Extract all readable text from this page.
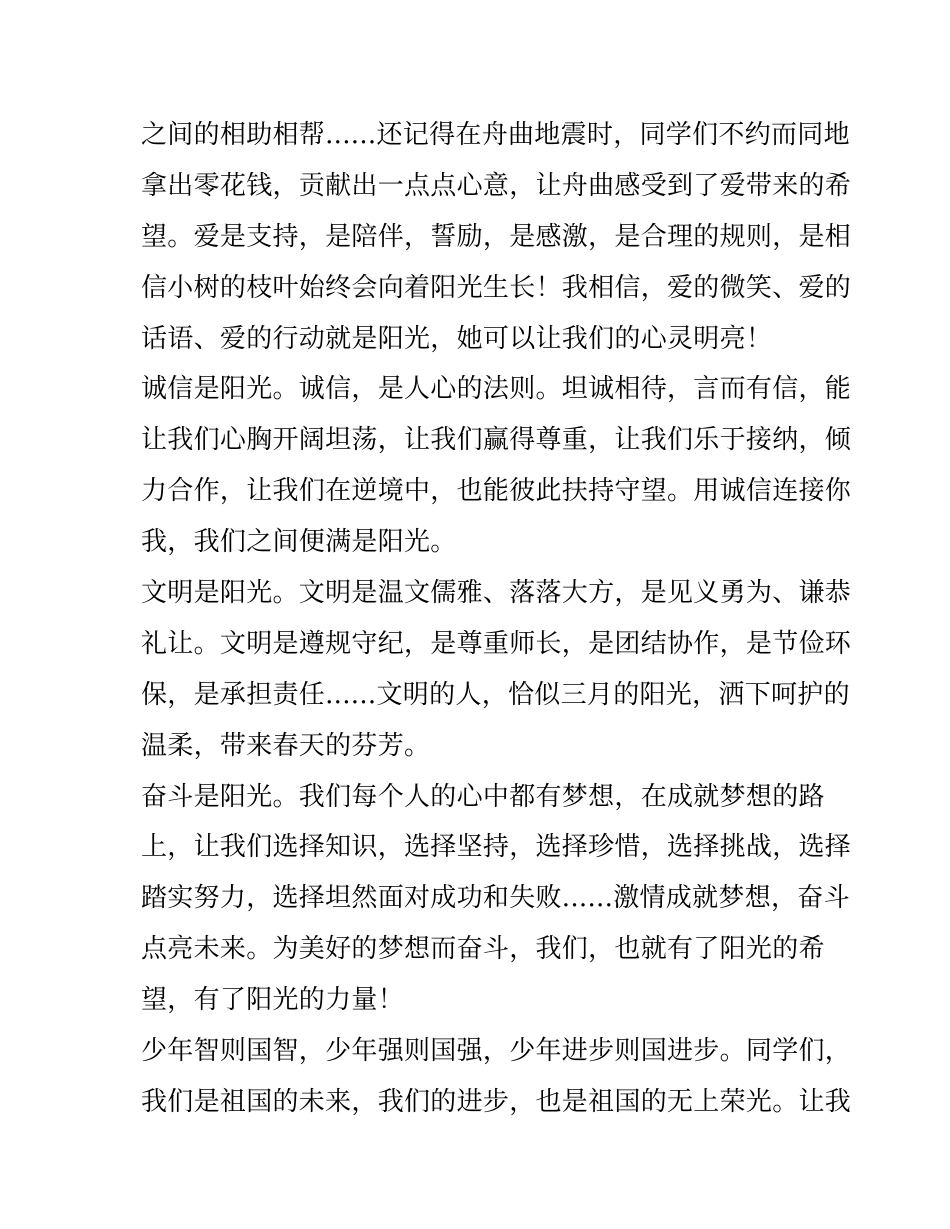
之间的相助相帮......还记得在舟曲地震时，同学们不约而同地
拿出零花钱，贡献出一点点心意，让舟曲感受到了爱带来的希
望。爱是支持，是陪伴，誓励，是感激，是合理的规则，是相
信小树的枝叶始终会向着阳光生长！我相信，爱的微笑、爱的
话语、爱的行动就是阳光，她可以让我们的心灵明亮！
诚信是阳光。诚信，是人心的法则。坦诚相待，言而有信，能
让我们心胸开阔坦荡，让我们赢得尊重，让我们乐于接纳，倾
力合作，让我们在逆境中，也能彼此扶持守望。用诚信连接你
我，我们之间便满是阳光。
文明是阳光。文明是温文儒雅、落落大方，是见义勇为、谦恭
礼让。文明是遵规守纪，是尊重师长，是团结协作，是节俭环
保，是承担责任......文明的人，恰似三月的阳光，洒下呵护的
温柔，带来春天的芬芳。
奋斗是阳光。我们每个人的心中都有梦想，在成就梦想的路
上，让我们选择知识，选择坚持，选择珍惜，选择挑战，选择
踏实努力，选择坦然面对成功和失败......激情成就梦想，奋斗
点亮未来。为美好的梦想而奋斗，我们，也就有了阳光的希
望，有了阳光的力量！
少年智则国智，少年强则国强，少年进步则国进步。同学们，
我们是祖国的未来，我们的进步，也是祖国的无上荣光。让我
